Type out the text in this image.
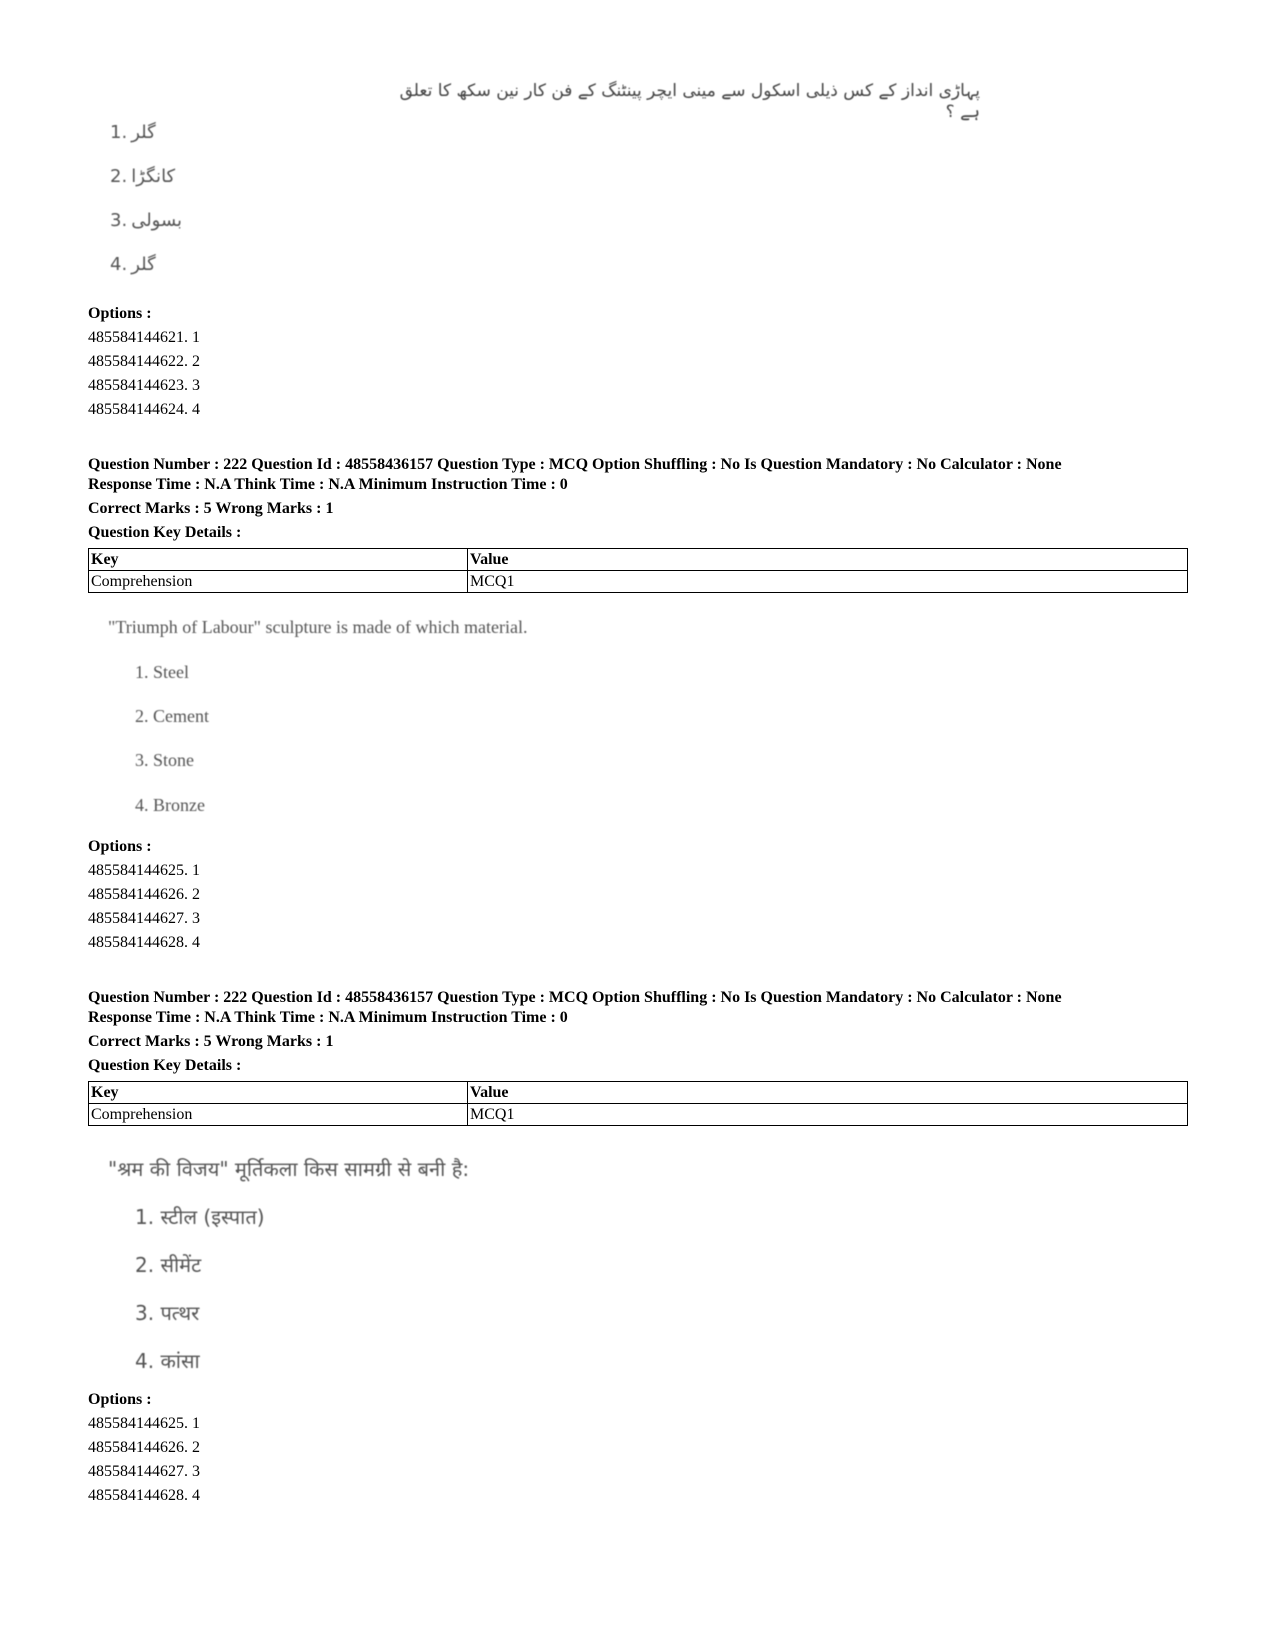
پہاڑی انداز کے کس ذیلی اسکول سے مینی ایچر پینٹنگ کے فن کار نین سکھ کا تعلق ہے ؟
1. گلر
2. کانگڑا
3. بسولی
4. گلر
Options :
485584144621. 1
485584144622. 2
485584144623. 3
485584144624. 4
Question Number : 222 Question Id : 48558436157 Question Type : MCQ Option Shuffling : No Is Question Mandatory : No Calculator : None
Response Time : N.A Think Time : N.A Minimum Instruction Time : 0
Correct Marks : 5 Wrong Marks : 1
Question Key Details :
Key	Value
Comprehension	MCQ1
"Triumph of Labour" sculpture is made of which material.
1. Steel
2. Cement
3. Stone
4. Bronze
Options :
485584144625. 1
485584144626. 2
485584144627. 3
485584144628. 4
Question Number : 222 Question Id : 48558436157 Question Type : MCQ Option Shuffling : No Is Question Mandatory : No Calculator : None
Response Time : N.A Think Time : N.A Minimum Instruction Time : 0
Correct Marks : 5 Wrong Marks : 1
Question Key Details :
Key	Value
Comprehension	MCQ1
"श्रम की विजय" मूर्तिकला किस सामग्री से बनी है:
1. स्टील (इस्पात)
2. सीमेंट
3. पत्थर
4. कांसा
Options :
485584144625. 1
485584144626. 2
485584144627. 3
485584144628. 4
